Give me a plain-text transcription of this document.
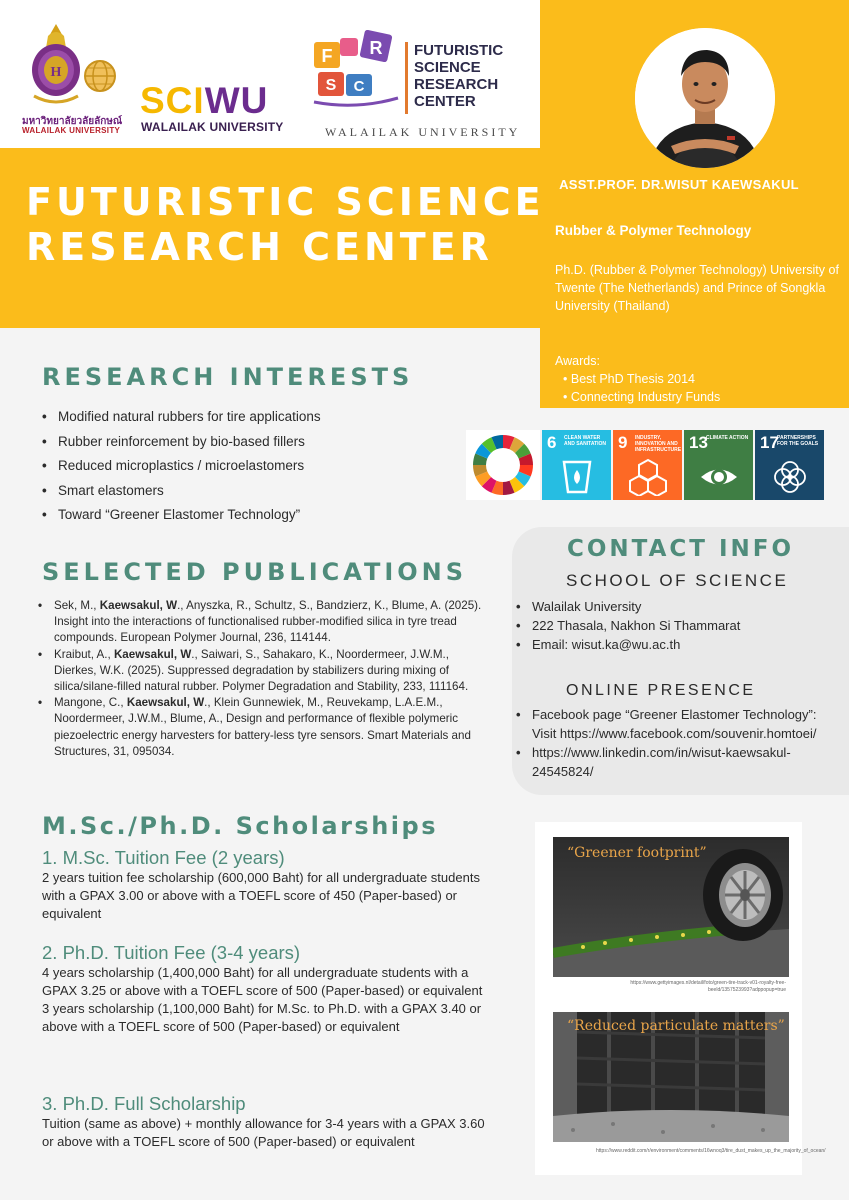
H
มหาวิทยาลัยวลัยลักษณ์
WALAILAK UNIVERSITY
SCIWU
WALAILAK UNIVERSITY
F R
S C
FUTURISTIC SCIENCE RESEARCH CENTER
WALAILAK UNIVERSITY
FUTURISTIC SCIENCE RESEARCH CENTER
ASST.PROF. DR.WISUT KAEWSAKUL
Rubber & Polymer Technology
Ph.D. (Rubber & Polymer Technology) University of Twente (The Netherlands) and Prince of Songkla University (Thailand)
Awards:
• Best PhD Thesis 2014
• Connecting Industry Funds
RESEARCH INTERESTS
• Modified natural rubbers for tire applications
• Rubber reinforcement by bio-based fillers
• Reduced microplastics / microelastomers
• Smart elastomers
• Toward “Greener Elastomer Technology”
6 CLEAN WATER AND SANITATION 9 INDUSTRY, INNOVATION AND INFRASTRUCTURE 13
CLIMATE ACTION 17
PARTNERSHIPS FOR THE GOALS
SELECTED PUBLICATIONS
• Sek, M., Kaewsakul, W., Anyszka, R., Schultz, S., Bandzierz, K., Blume, A. (2025). Insight into the interactions of functionalised rubber-modified silica in tyre tread compounds. European Polymer Journal, 236, 114144.
• Kraibut, A., Kaewsakul, W., Saiwari, S., Sahakaro, K., Noordermeer, J.W.M., Dierkes, W.K. (2025). Suppressed degradation by stabilizers during mixing of silica/silane-filled natural rubber. Polymer Degradation and Stability, 233, 111164.
• Mangone, C., Kaewsakul, W., Klein Gunnewiek, M., Reuvekamp, L.A.E.M., Noordermeer, J.W.M., Blume, A., Design and performance of flexible polymeric piezoelectric energy harvesters for battery-less tyre sensors. Smart Materials and Structures, 31, 095034.
CONTACT INFO
SCHOOL OF SCIENCE
• Walailak University
• 222 Thasala, Nakhon Si Thammarat
• Email: wisut.ka@wu.ac.th
ONLINE PRESENCE
• Facebook page “Greener Elastomer Technology”: Visit https://www.facebook.com/souvenir.homtoei/
• https://www.linkedin.com/in/wisut-kaewsakul-24545824/
M.Sc./Ph.D. Scholarships
1. M.Sc. Tuition Fee (2 years)

2 years tuition fee scholarship (600,000 Baht) for all undergraduate students with a GPAX 3.00 or above with a TOEFL score of 450 (Paper-based) or equivalent

2. Ph.D. Tuition Fee (3-4 years)

4 years scholarship (1,400,000 Baht) for all undergraduate students with a GPAX 3.25 or above with a TOEFL score of 500 (Paper-based) or equivalent

3 years scholarship (1,100,000 Baht) for M.Sc. to Ph.D. with a GPAX 3.40 or above with a TOEFL score of 500 (Paper-based) or equivalent

3. Ph.D. Full Scholarship

Tuition (same as above) + monthly allowance for 3-4 years with a GPAX 3.60 or above with a TOEFL score of 500 (Paper-based) or equivalent

“Greener footprint”
https://www.gettyimages.nl/detail/foto/green-tire-track-v01-royalty-free-beeld/1357523993?adppopup=true
“Reduced particulate matters”
https://www.reddit.com/r/environment/comments/16wnoq3/tire_dust_makes_up_the_majority_of_ocean/
